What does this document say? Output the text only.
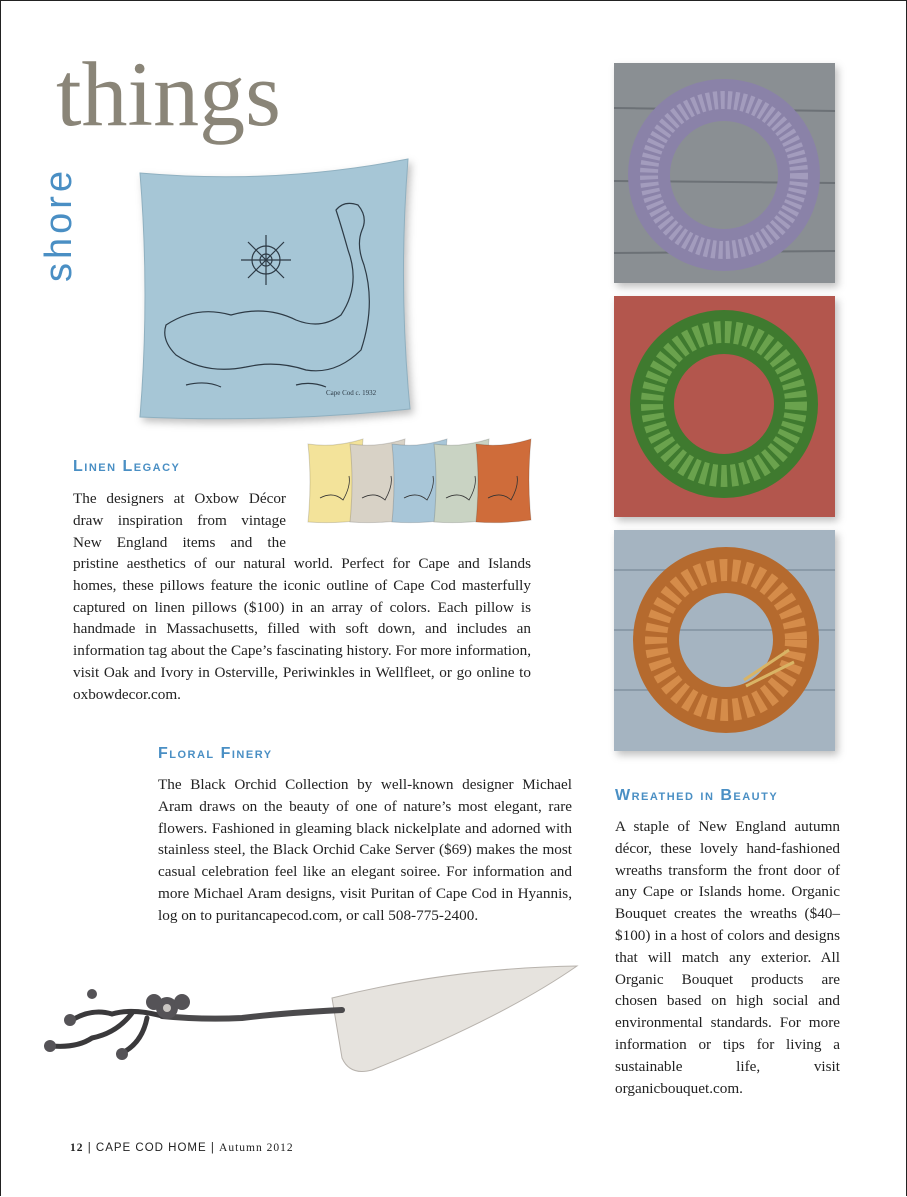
shore
things
Cape Cod c. 1932
Linen Legacy

The designers at Oxbow Décor

draw inspiration from vintage

New England items and the

pristine aesthetics of our natural world. Perfect for Cape and Islands homes, these pillows feature the iconic outline of Cape Cod masterfully captured on linen pillows ($100) in an array of colors. Each pillow is handmade in Massachusetts, filled with soft down, and includes an information tag about the Cape’s fascinating history. For more information, visit Oak and Ivory in Osterville, Periwinkles in Wellfleet, or go online to oxbowdecor.com.
Floral Finery
The Black Orchid Collection by well-known designer Michael Aram draws on the beauty of one of nature’s most elegant, rare flowers. Fashioned in gleaming black nickelplate and adorned with stainless steel, the Black Orchid Cake Server ($69) makes the most casual celebration feel like an elegant soiree. For information and more Michael Aram designs, visit Puritan of Cape Cod in Hyannis, log on to puritancapecod.com, or call 508-775-2400.
Wreathed in Beauty
A staple of New England autumn décor, these lovely hand-fashioned wreaths transform the front door of any Cape or Islands home. Organic Bouquet creates the wreaths ($40–$100) in a host of colors and designs that will match any exterior. All Organic Bouquet products are chosen based on high social and environmental standards. For more information or tips for living a sustainable life, visit organicbouquet.com.
12 | CAPE COD HOME | Autumn 2012
